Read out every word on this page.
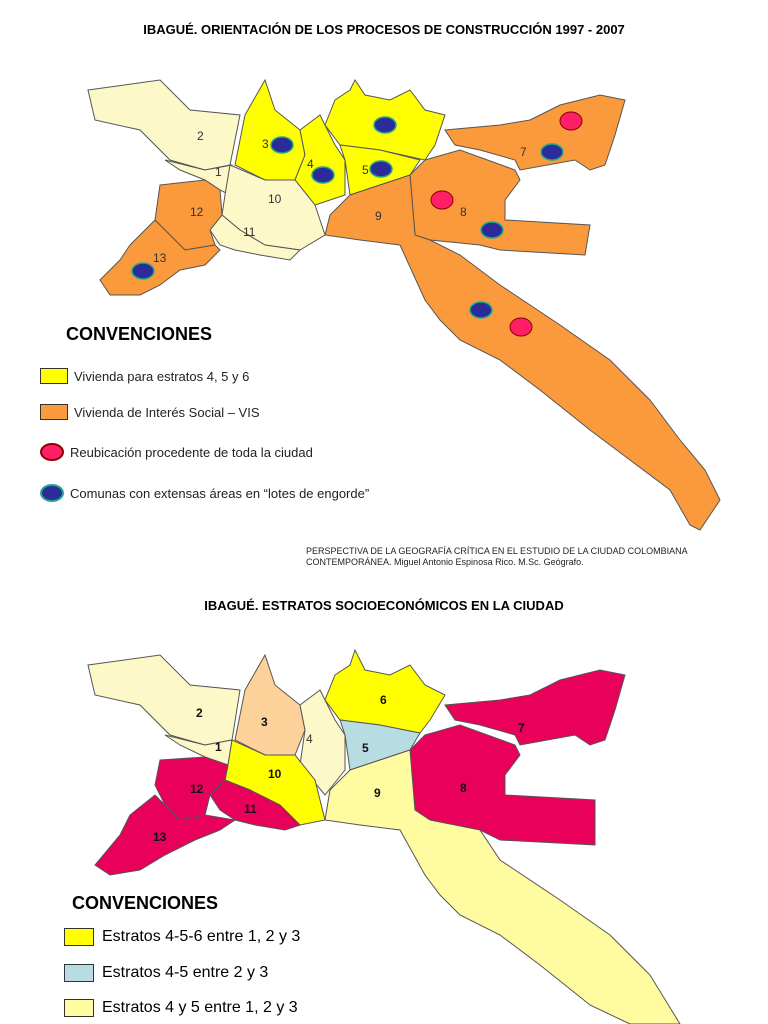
IBAGUÉ. ORIENTACIÓN DE LOS PROCESOS DE CONSTRUCCIÓN 1997 - 2007
2
1
3
4	5
7
8
9
10
11
12
13
CONVENCIONES
Vivienda para estratos 4, 5 y 6
Vivienda de Interés Social – VIS
Reubicación procedente de toda la ciudad
Comunas con extensas áreas en “lotes de engorde”
PERSPECTIVA DE LA GEOGRAFÍA CRÍTICA EN EL ESTUDIO DE LA CIUDAD COLOMBIANA
CONTEMPORÁNEA. Miguel Antonio Espinosa Rico. M.Sc. Geógrafo.
IBAGUÉ. ESTRATOS SOCIOECONÓMICOS EN LA CIUDAD
2
1
3
4
6
5
7
8
9
10
11
12
13
CONVENCIONES
Estratos 4-5-6 entre 1, 2 y 3
Estratos 4-5 entre 2 y 3
Estratos 4 y 5 entre 1, 2 y 3
